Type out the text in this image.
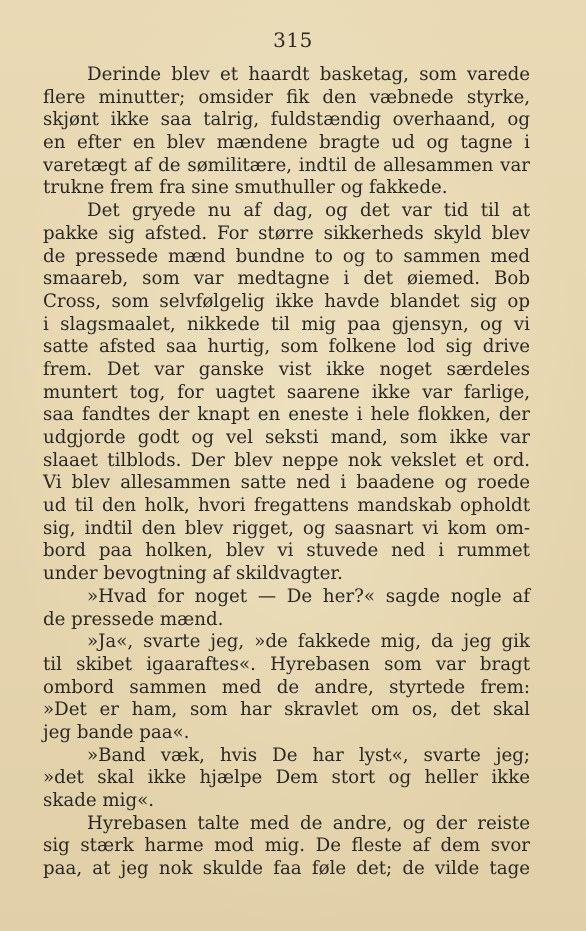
315
Derinde blev et haardt basketag, som varede
flere minutter; omsider fik den væbnede styrke,
skjønt ikke saa talrig, fuldstændig overhaand, og
en efter en blev mændene bragte ud og tagne i
varetægt af de sømilitære, indtil de allesammen var
trukne frem fra sine smuthuller og fakkede.
Det gryede nu af dag, og det var tid til at
pakke sig afsted. For større sikkerheds skyld blev
de pressede mænd bundne to og to sammen med
smaareb, som var medtagne i det øiemed. Bob
Cross, som selvfølgelig ikke havde blandet sig op
i slagsmaalet, nikkede til mig paa gjensyn, og vi
satte afsted saa hurtig, som folkene lod sig drive
frem. Det var ganske vist ikke noget særdeles
muntert tog, for uagtet saarene ikke var farlige,
saa fandtes der knapt en eneste i hele flokken, der
udgjorde godt og vel seksti mand, som ikke var
slaaet tilblods. Der blev neppe nok vekslet et ord.
Vi blev allesammen satte ned i baadene og roede
ud til den holk, hvori fregattens mandskab opholdt
sig, indtil den blev rigget, og saasnart vi kom om-
bord paa holken, blev vi stuvede ned i rummet
under bevogtning af skildvagter.
»Hvad for noget — De her?« sagde nogle af
de pressede mænd.
»Ja«, svarte jeg, »de fakkede mig, da jeg gik
til skibet igaaraftes«. Hyrebasen som var bragt
ombord sammen med de andre, styrtede frem:
»Det er ham, som har skravlet om os, det skal
jeg bande paa«.
»Band væk, hvis De har lyst«, svarte jeg;
»det skal ikke hjælpe Dem stort og heller ikke
skade mig«.
Hyrebasen talte med de andre, og der reiste
sig stærk harme mod mig. De fleste af dem svor
paa, at jeg nok skulde faa føle det; de vilde tage
